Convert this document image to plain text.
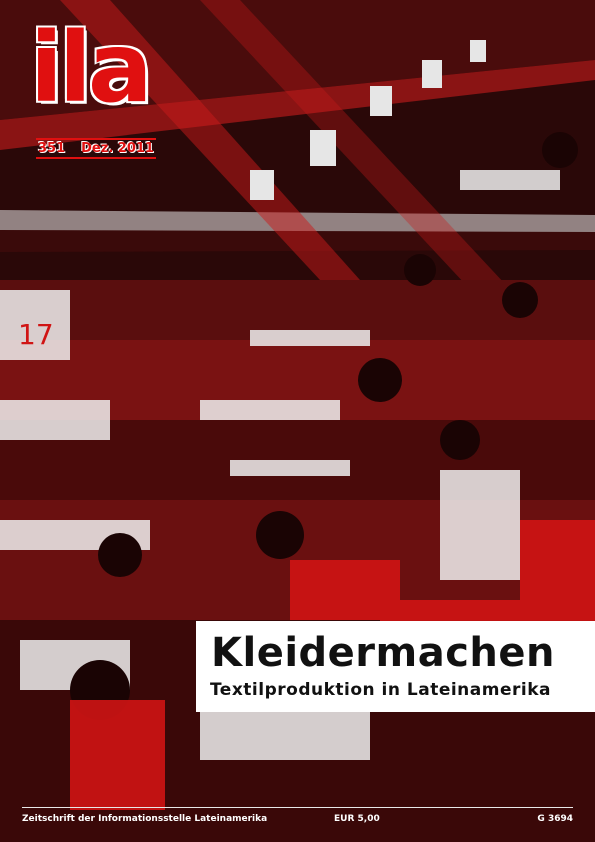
17
ila
351 Dez. 2011
Kleidermachen
Textilproduktion in Lateinamerika
Zeitschrift der Informationsstelle Lateinamerika	EUR 5,00	G 3694
